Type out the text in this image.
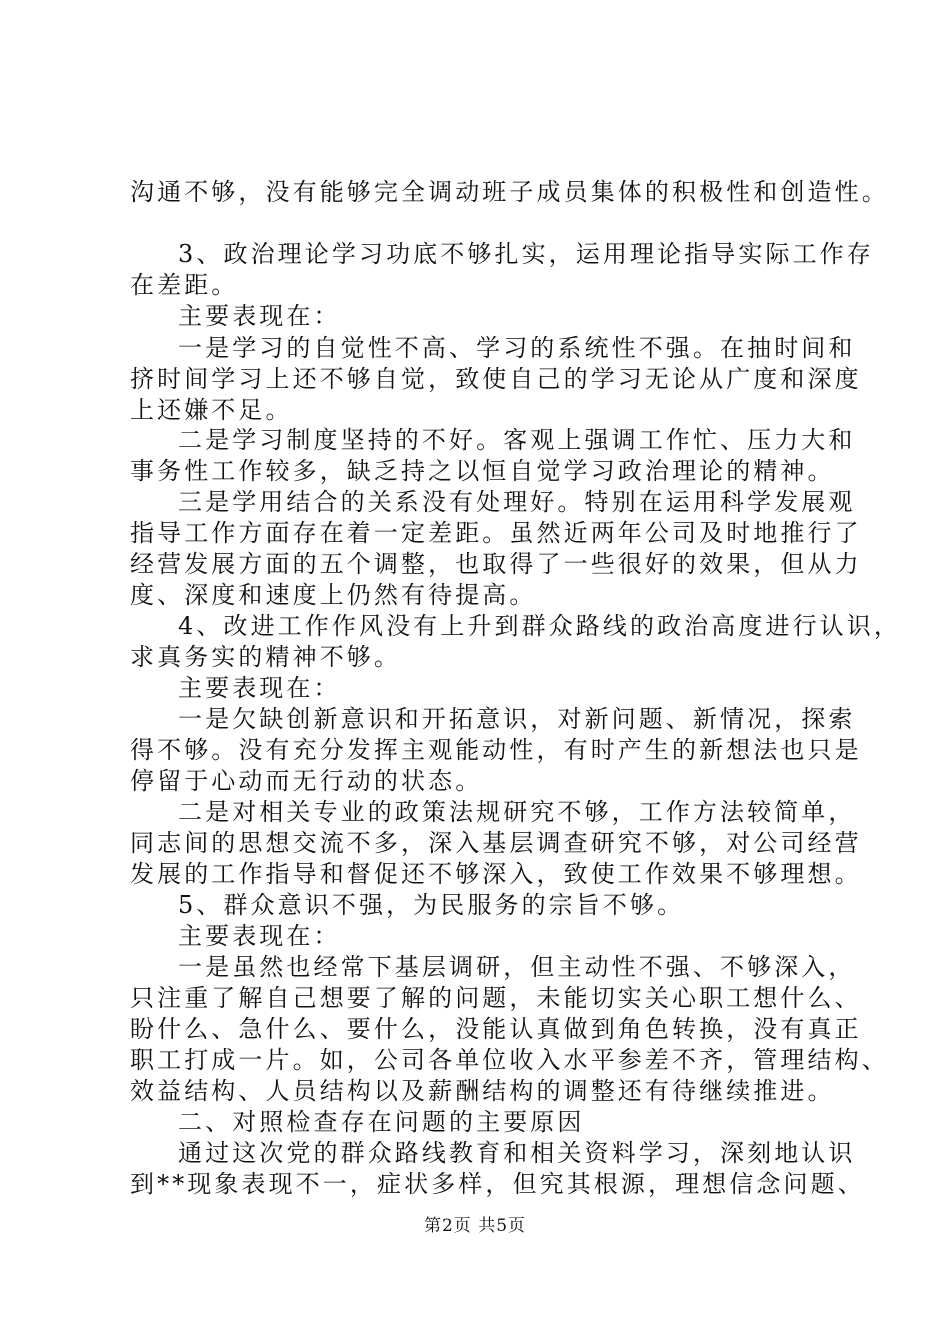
沟通不够，没有能够完全调动班子成员集体的积极性和创造性。
3、政治理论学习功底不够扎实，运用理论指导实际工作存
在差距。
主要表现在：
一是学习的自觉性不高、学习的系统性不强。在抽时间和
挤时间学习上还不够自觉，致使自己的学习无论从广度和深度
上还嫌不足。
二是学习制度坚持的不好。客观上强调工作忙、压力大和
事务性工作较多，缺乏持之以恒自觉学习政治理论的精神。
三是学用结合的关系没有处理好。特别在运用科学发展观
指导工作方面存在着一定差距。虽然近两年公司及时地推行了
经营发展方面的五个调整，也取得了一些很好的效果，但从力
度、深度和速度上仍然有待提高。
4、改进工作作风没有上升到群众路线的政治高度进行认识，
求真务实的精神不够。
主要表现在：
一是欠缺创新意识和开拓意识，对新问题、新情况，探索
得不够。没有充分发挥主观能动性，有时产生的新想法也只是
停留于心动而无行动的状态。
二是对相关专业的政策法规研究不够，工作方法较简单，
同志间的思想交流不多，深入基层调查研究不够，对公司经营
发展的工作指导和督促还不够深入，致使工作效果不够理想。
5、群众意识不强，为民服务的宗旨不够。
主要表现在：
一是虽然也经常下基层调研，但主动性不强、不够深入，
只注重了解自己想要了解的问题，未能切实关心职工想什么、
盼什么、急什么、要什么，没能认真做到角色转换，没有真正
职工打成一片。如，公司各单位收入水平参差不齐，管理结构、
效益结构、人员结构以及薪酬结构的调整还有待继续推进。
二、对照检查存在问题的主要原因
通过这次党的群众路线教育和相关资料学习，深刻地认识
到**现象表现不一，症状多样，但究其根源，理想信念问题、
第2页 共5页
